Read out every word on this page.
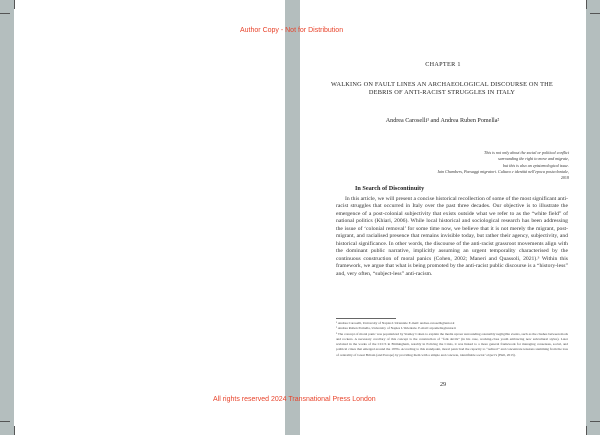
Author Copy - Not for Distribution
CHAPTER 1
WALKING ON FAULT LINES AN ARCHAEOLOGICAL DISCOURSE ON THE DEBRIS OF ANTI-RACIST STRUGGLES IN ITALY
Andrea Caroselli¹ and Andrea Ruben Pomella²
This is not only about the social or political conflict
surrounding the right to move and migrate,
but this is also an epistemological issue.
Iain Chambers, Paesaggi migratori. Cultura e identità nell'epoca postcoloniale,
2018
In Search of Discontinuity

In this article, we will present a concise historical recollection of some of the most significant anti-racist struggles that occurred in Italy over the past three decades. Our objective is to illustrate the emergence of a post-colonial subjectivity that exists outside what we refer to as the “white field” of national politics (Khiari, 2006). While local historical and sociological research has been addressing the issue of ‘colonial removal’ for some time now, we believe that it is not merely the migrant, post-migrant, and racialised presence that remains invisible today, but rather their agency, subjectivity, and historical significance. In other words, the discourse of the anti-racist grassroot movements align with the dominant public narrative, implicitly assuming an urgent temporality characterised by the continuous construction of moral panics (Cohen, 2002; Maneri and Quassoli, 2021).³ Within this framework, we argue that what is being promoted by the anti-racist public discourse is a “history-less” and, very often, “subject-less” anti-racism.

¹ Andrea Caroselli, University of Naples L'Orientale E-mail: andrea.caroselli@unior.it

² Andrea Ruben Pomella, University of Naples L'Orientale. E-mail: arpomella@unior.it

³ The concept of moral panic was popularized by Stanley Cohen to explain the media uproar surrounding ostensibly negligible events, such as the clashes between mods and rockers. A necessary corollary of this concept is the construction of “folk devils” (in his case, working-class youth embracing new subcultural styles). Later revisited in the works of the CCCS in Birmingham, notably in Policing the Crisis, it was linked to a more general framework for managing consensus, social, and political crises that emerged around the 1970s. According to this standpoint, moral panic had the capacity to “redirect” and concentrate tensions stemming from the loss of centrality of Great Britain (and Europe) by providing them with a simple and concrete, identifiable social ‘object’s (Hall, 2013).

29
All rights reserved 2024 Transnational Press London
